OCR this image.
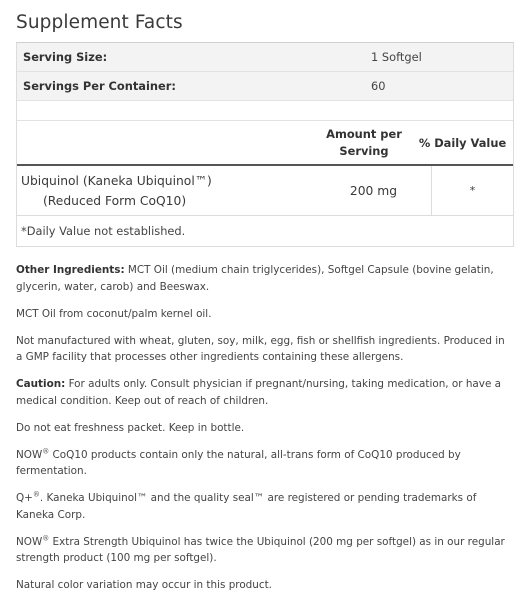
Supplement Facts
Serving Size:	1 Softgel
Servings Per Container:	60
Amount per
Serving
% Daily Value
Ubiquinol (Kaneka Ubiquinol™)
(Reduced Form CoQ10)
200 mg	*
*Daily Value not established.

Other Ingredients: MCT Oil (medium chain triglycerides), Softgel Capsule (bovine gelatin, glycerin, water, carob) and Beeswax.

MCT Oil from coconut/palm kernel oil.

Not manufactured with wheat, gluten, soy, milk, egg, fish or shellfish ingredients. Produced in a GMP facility that processes other ingredients containing these allergens.

Caution: For adults only. Consult physician if pregnant/nursing, taking medication, or have a medical condition. Keep out of reach of children.

Do not eat freshness packet. Keep in bottle.

NOW® CoQ10 products contain only the natural, all-trans form of CoQ10 produced by fermentation.

Q+®. Kaneka Ubiquinol™ and the quality seal™ are registered or pending trademarks of Kaneka Corp.

NOW® Extra Strength Ubiquinol has twice the Ubiquinol (200 mg per softgel) as in our regular strength product (100 mg per softgel).

Natural color variation may occur in this product.
